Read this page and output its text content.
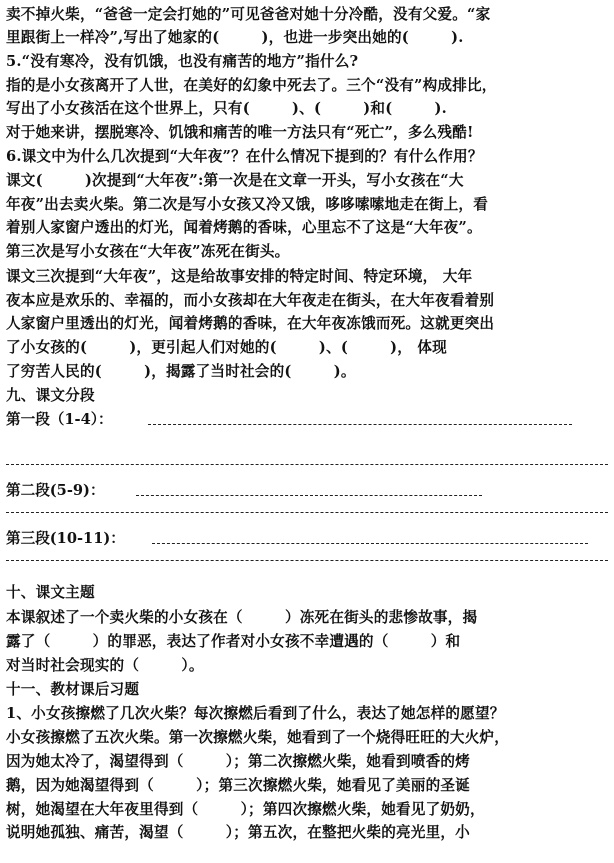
卖不掉火柴，“爸爸一定会打她的”可见爸爸对她十分冷酷，没有父爱。“家
里跟街上一样冷”,写出了她家的(        )，也进一步突出她的(        ).
5.“没有寒冷，没有饥饿，也没有痛苦的地方”指什么?
指的是小女孩离开了人世，在美好的幻象中死去了。三个“没有”构成排比，
写出了小女孩活在这个世界上，只有(        )、(        )和(        ).
对于她来讲，摆脱寒冷、饥饿和痛苦的唯一方法只有“死亡”，多么残酷!
6.课文中为什么几次提到“大年夜”？在什么情况下提到的？有什么作用？
课文(        )次提到“大年夜”:第一次是在文章一开头，写小女孩在“大
年夜”出去卖火柴。第二次是写小女孩又冷又饿，哆哆嗦嗦地走在街上，看
着别人家窗户透出的灯光，闻着烤鹅的香味，心里忘不了这是“大年夜”。
第三次是写小女孩在“大年夜”冻死在街头。
课文三次提到“大年夜”，这是给故事安排的特定时间、特定环境， 大年
夜本应是欢乐的、幸福的，而小女孩却在大年夜走在街头，在大年夜看着别
人家窗户里透出的灯光，闻着烤鹅的香味，在大年夜冻饿而死。这就更突出
了小女孩的(        )，更引起人们对她的(        )、(        )， 体现
了穷苦人民的(        )，揭露了当时社会的(        )。
九、课文分段
第一段（1-4）：
第二段(5-9)：
第三段(10-11)：
十、课文主题
本课叙述了一个卖火柴的小女孩在（        ）冻死在街头的悲惨故事，揭
露了（        ）的罪恶，表达了作者对小女孩不幸遭遇的（        ）和
对当时社会现实的（        ）。
十一、教材课后习题
1、小女孩擦燃了几次火柴？每次擦燃后看到了什么，表达了她怎样的愿望？
小女孩擦燃了五次火柴。第一次擦燃火柴，她看到了一个烧得旺旺的大火炉，
因为她太冷了，渴望得到（        ）；第二次擦燃火柴，她看到喷香的烤
鹅，因为她渴望得到（        ）；第三次擦燃火柴，她看见了美丽的圣诞
树，她渴望在大年夜里得到（        ）；第四次擦燃火柴，她看见了奶奶，
说明她孤独、痛苦，渴望（        ）；第五次，在整把火柴的亮光里，小
